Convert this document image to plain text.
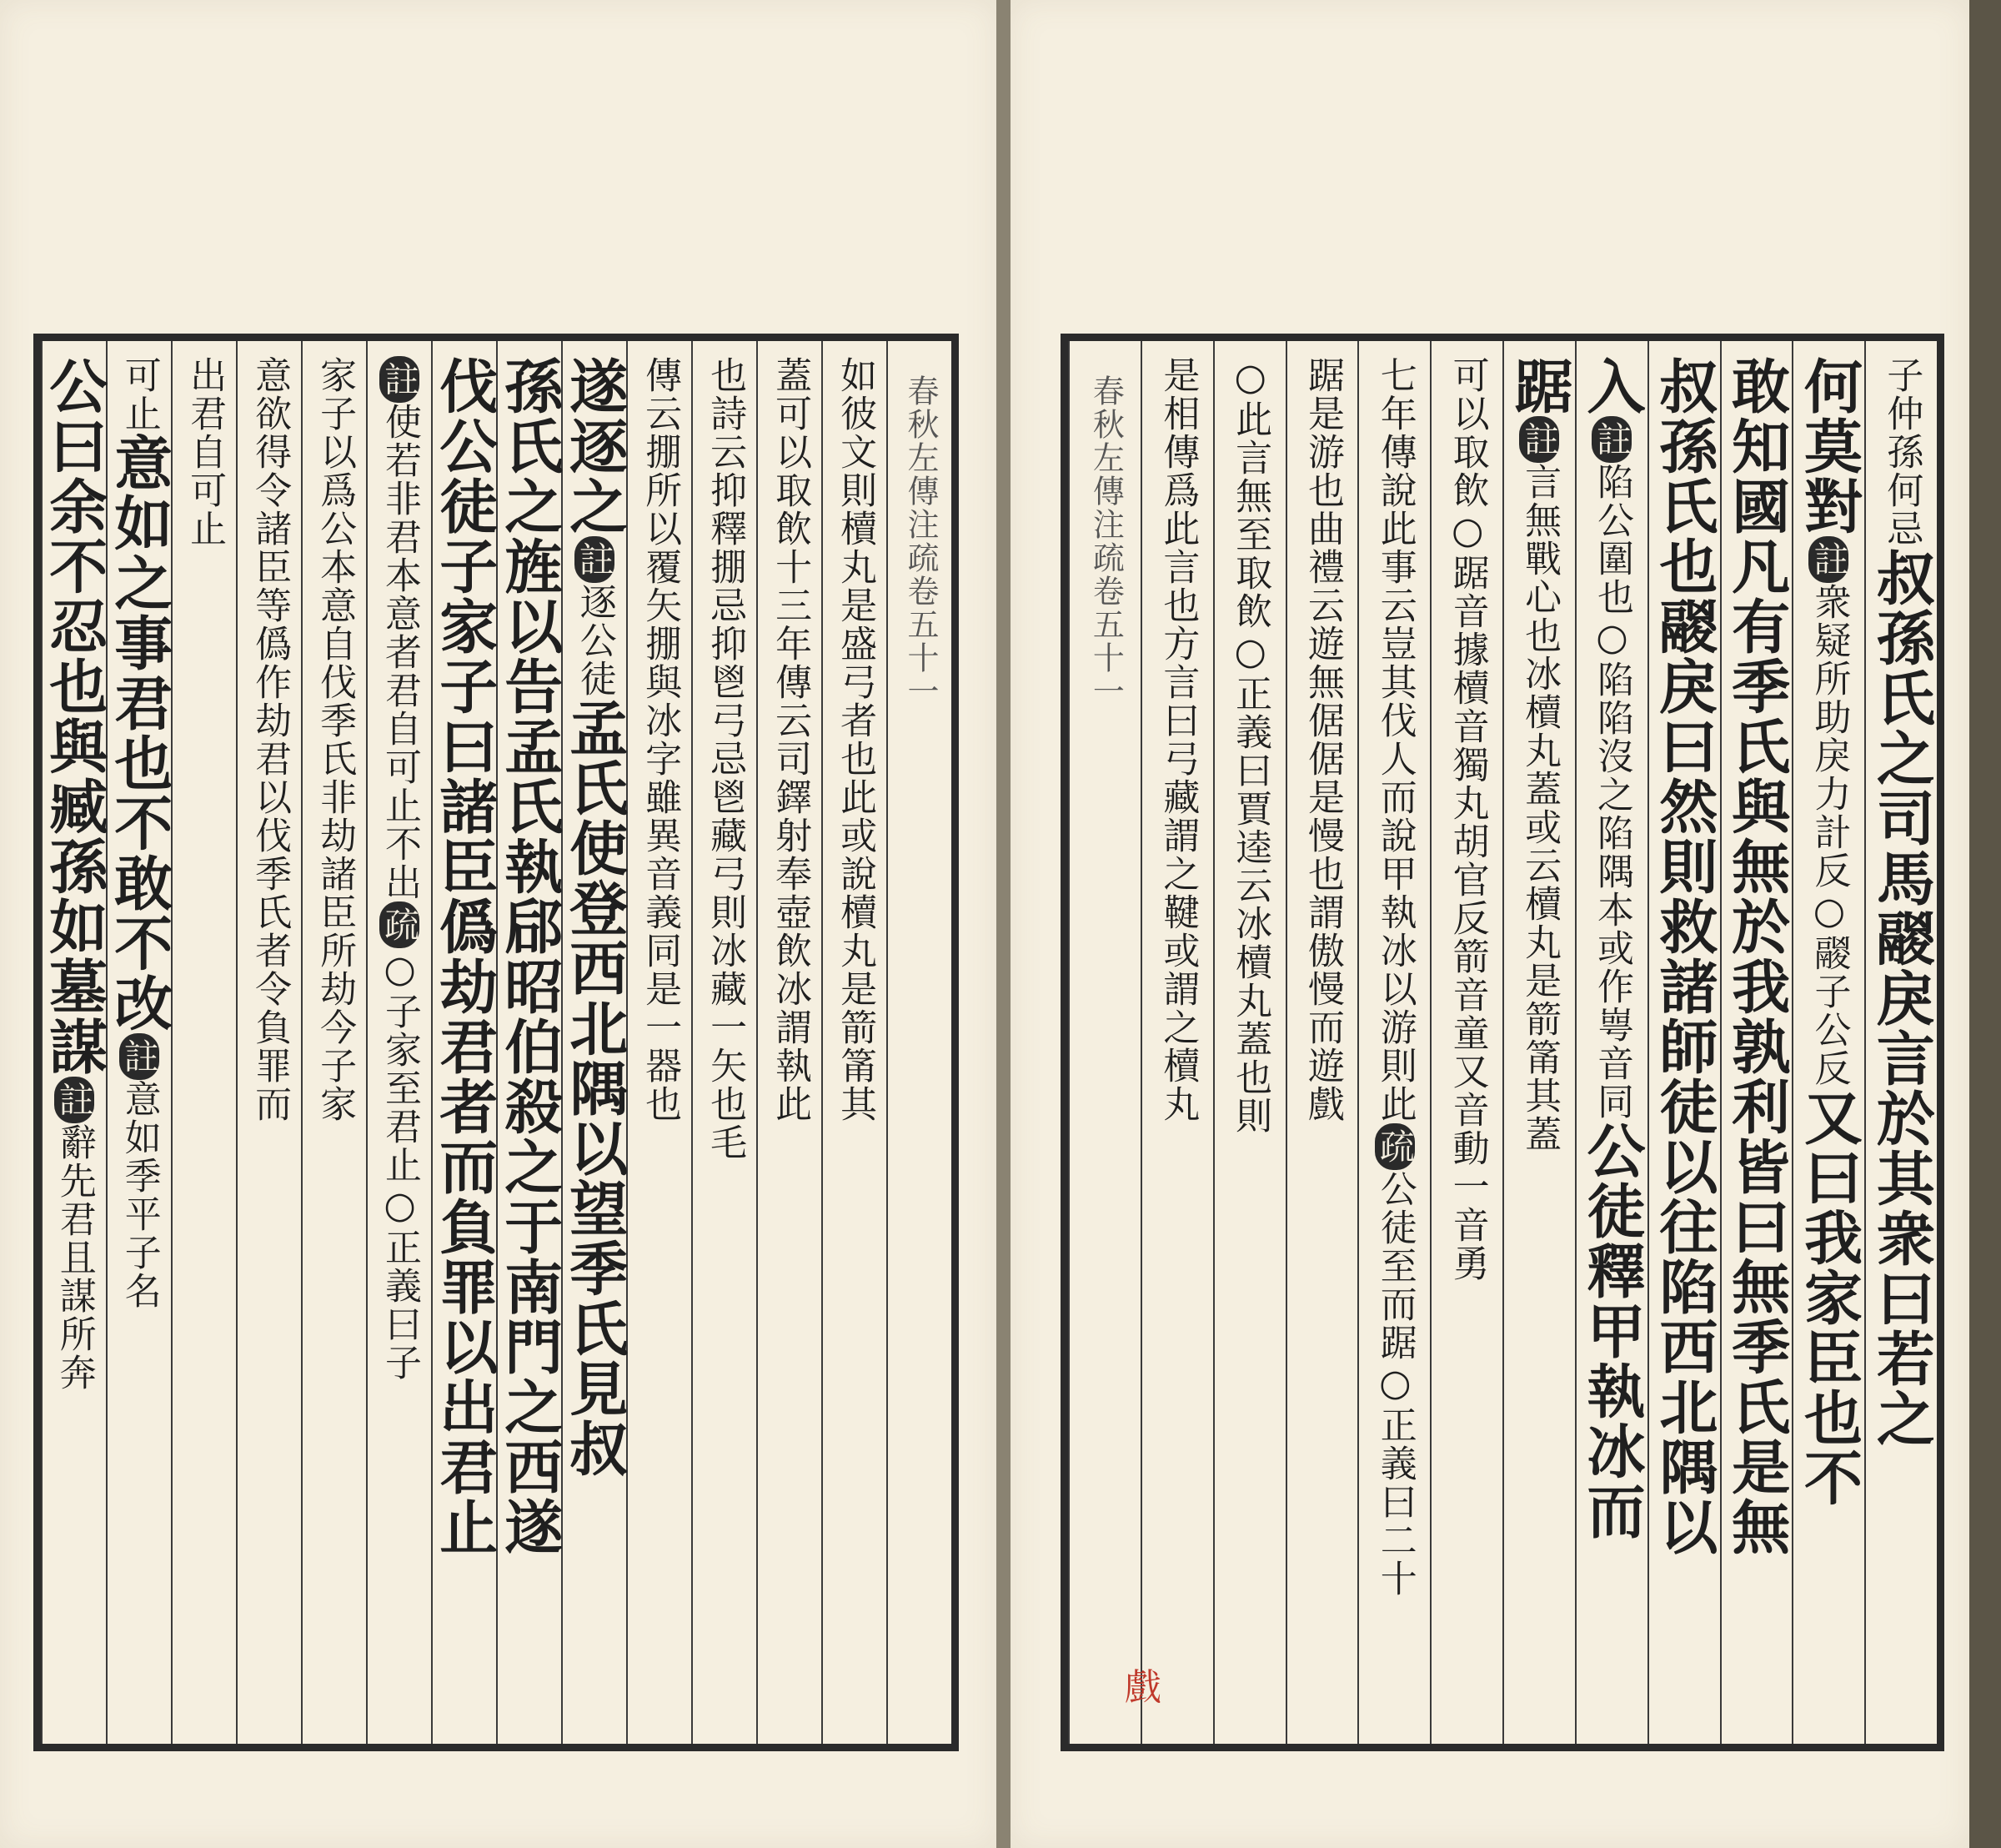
如彼文則櫝丸是盛弓者也此或說櫝丸是箭筩其
蓋可以取飲十三年傳云司鐸射奉壺飲冰謂執此
也詩云抑釋掤忌抑鬯弓忌鬯藏弓則冰藏一矢也毛
傳云掤所以覆矢掤與冰字雖異音義同是一器也
遂逐之註逐公徒孟氏使登西北隅以望季氏見叔
孫氏之旌以告孟氏執郈昭伯殺之于南門之西遂
伐公徒子家子曰諸臣僞劫君者而負罪以出君止
註使若非君本意者君自可止不出疏○子家至君止○正義曰子
家子以爲公本意自伐季氏非劫諸臣所劫今子家
意欲得令諸臣等僞作劫君以伐季氏者令負罪而
出君自可止
可止意如之事君也不敢不改註意如季平子名
公曰余不忍也與臧孫如墓謀註辭先君且謀所奔
春秋左傳注疏卷五十一	子仲孫何忌叔孫氏之司馬鬷戾言於其衆曰若之
何莫對註衆疑所助戾力計反○鬷子公反又曰我家臣也不
敢知國凡有季氏與無於我孰利皆曰無季氏是無
叔孫氏也鬷戾曰然則救諸師徒以往陷西北隅以
入註陷公圍也○陷陷沒之陷隅本或作㟧音同公徒釋甲執冰而
踞註言無戰心也冰櫝丸蓋或云櫝丸是箭筩其蓋
可以取飲○踞音據櫝音獨丸胡官反箭音童又音動一音勇
七年傳說此事云豈其伐人而說甲執冰以游則此疏公徒至而踞○正義曰二十
踞是游也曲禮云遊無倨倨是慢也謂傲慢而遊戲
○此言無至取飲○正義曰賈逵云冰櫝丸蓋也則
是相傳爲此言也方言曰弓藏謂之鞬或謂之櫝丸
春秋左傳注疏卷五十一
戲
